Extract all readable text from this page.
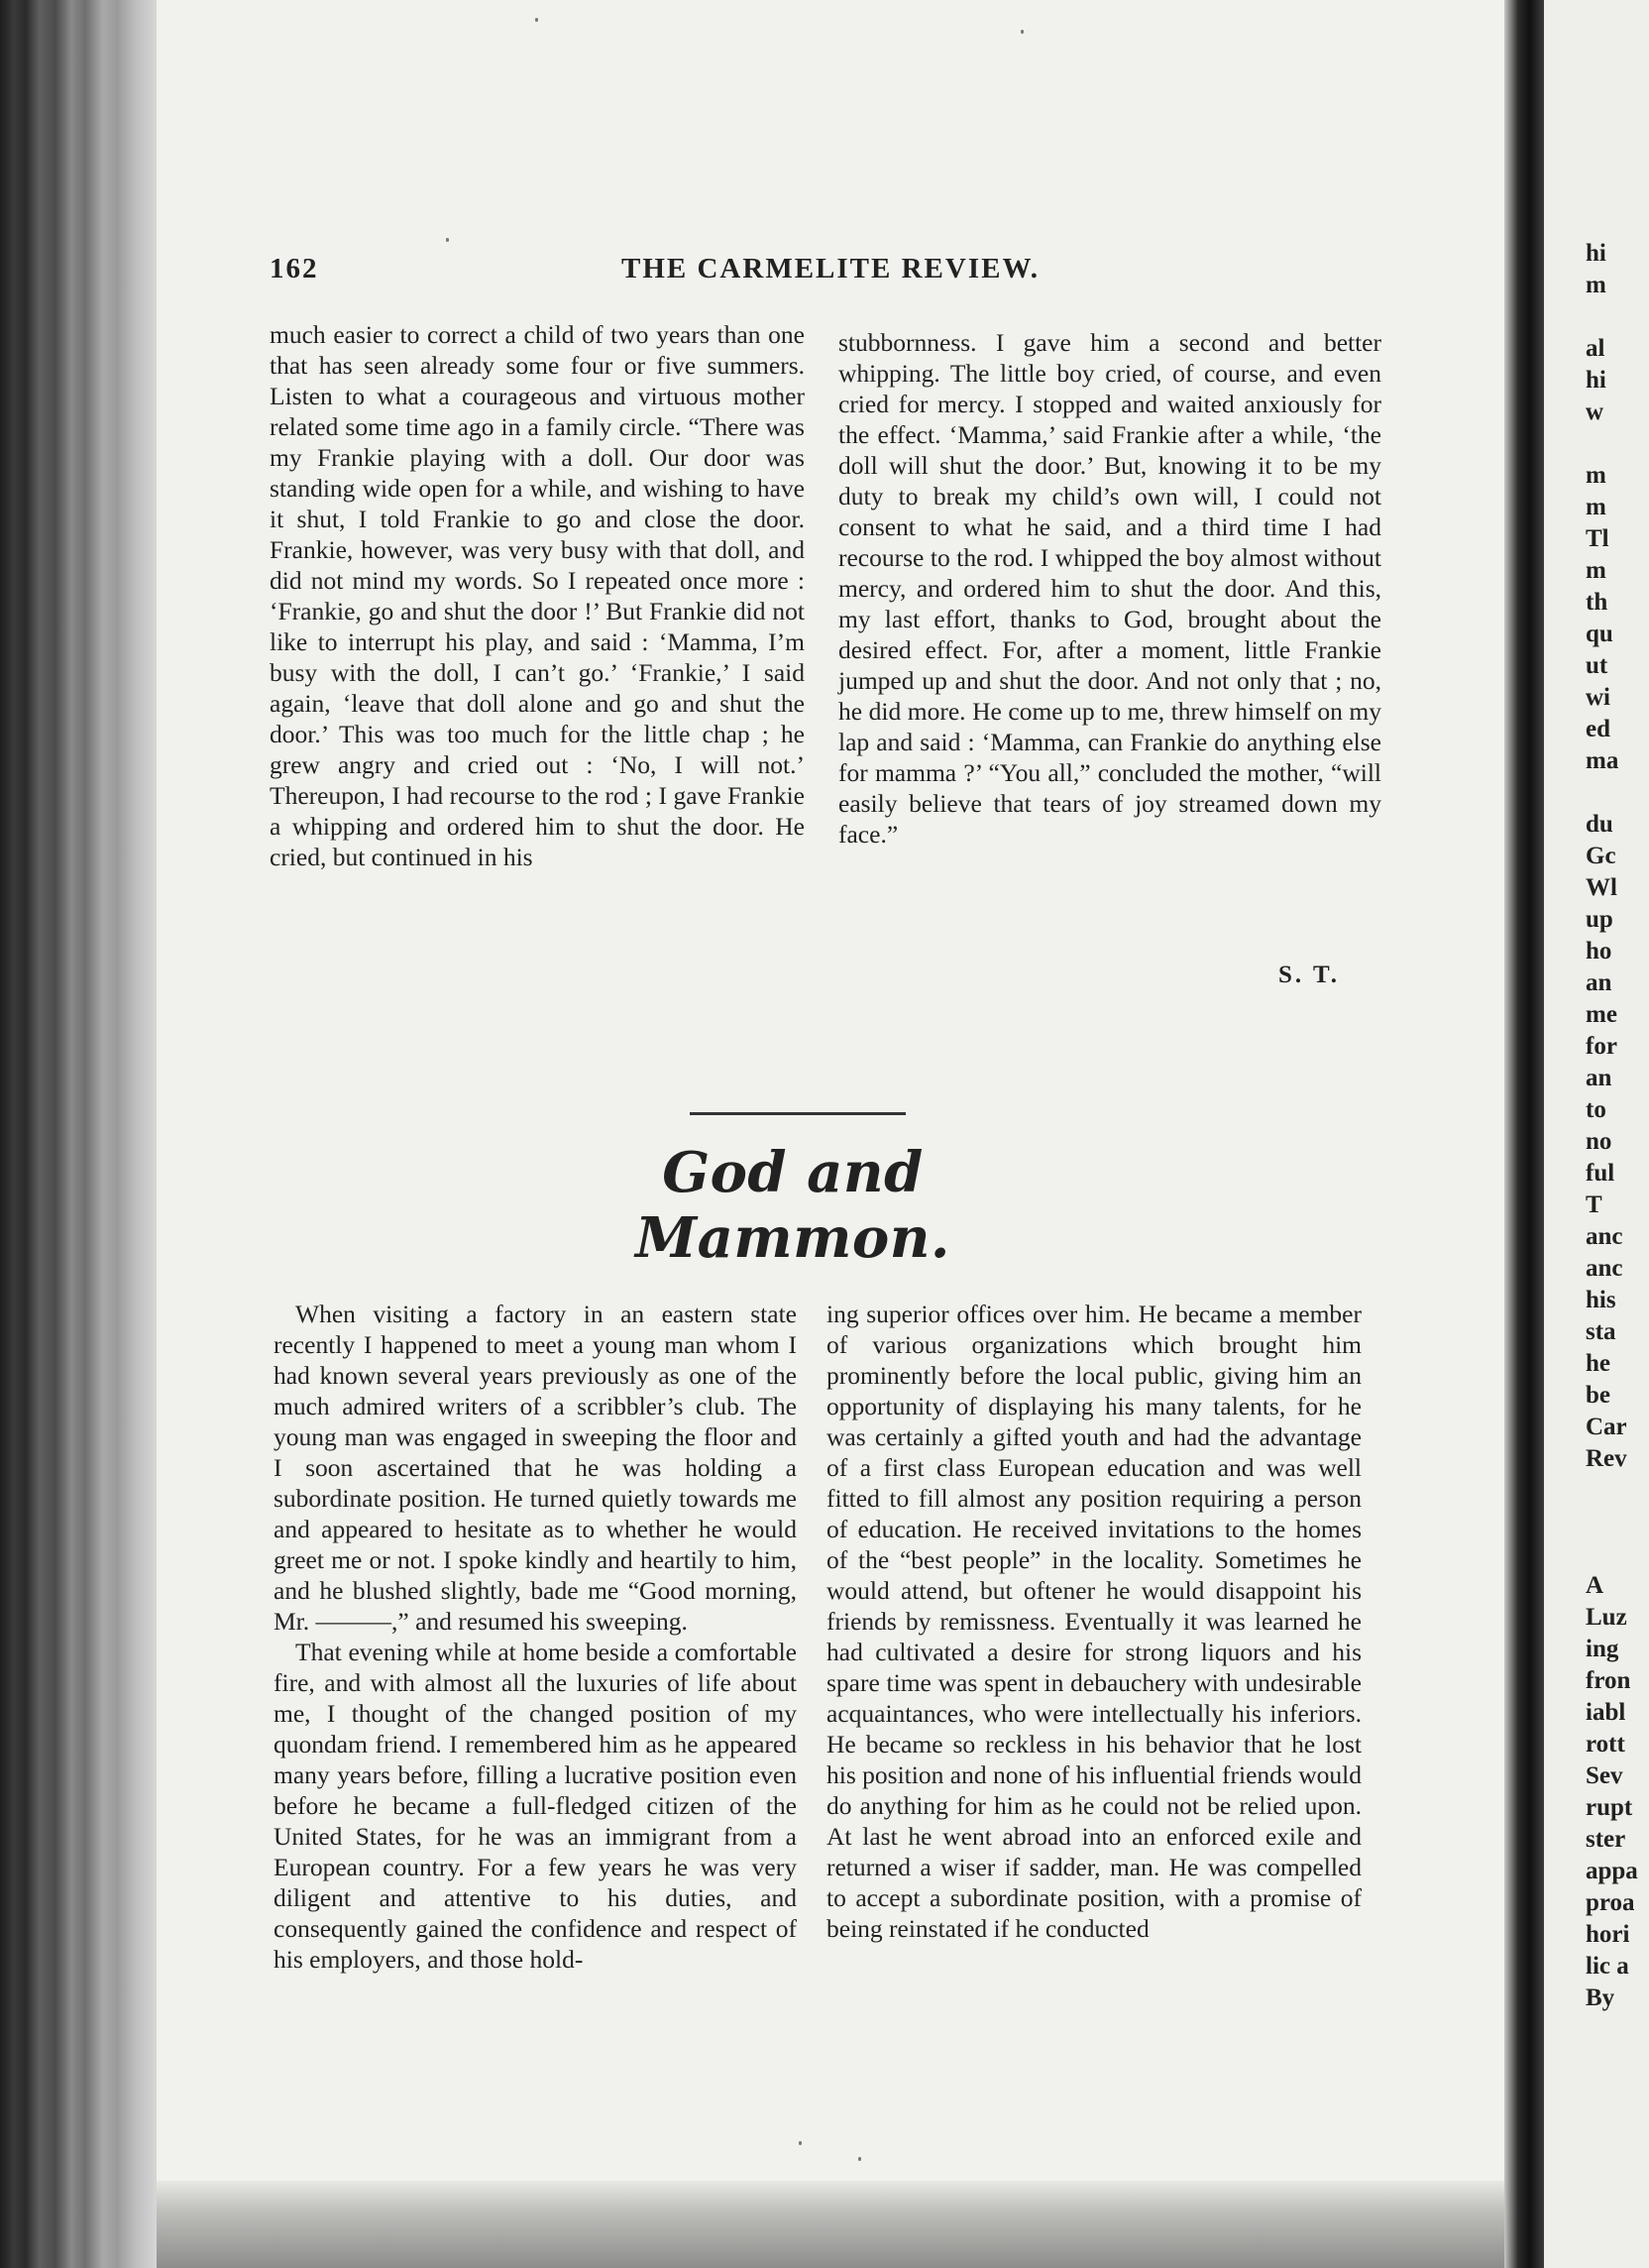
162	THE CARMELITE REVIEW.

much easier to correct a child of two years than one that has seen already some four or five summers. Listen to what a courageous and virtuous mother related some time ago in a family circle. “There was my Frankie playing with a doll. Our door was standing wide open for a while, and wishing to have it shut, I told Frankie to go and close the door. Frankie, however, was very busy with that doll, and did not mind my words. So I repeated once more : ‘Frankie, go and shut the door !’ But Frankie did not like to interrupt his play, and said : ‘Mamma, I’m busy with the doll, I can’t go.’ ‘Frankie,’ I said again, ‘leave that doll alone and go and shut the door.’ This was too much for the little chap ; he grew angry and cried out : ‘No, I will not.’ Thereupon, I had recourse to the rod ; I gave Frankie a whipping and ordered him to shut the door. He cried, but continued in his

stubbornness. I gave him a second and better whipping. The little boy cried, of course, and even cried for mercy. I stopped and waited anxiously for the effect. ‘Mamma,’ said Frankie after a while, ‘the doll will shut the door.’ But, knowing it to be my duty to break my child’s own will, I could not consent to what he said, and a third time I had recourse to the rod. I whipped the boy almost without mercy, and ordered him to shut the door. And this, my last effort, thanks to God, brought about the desired effect. For, after a moment, little Frankie jumped up and shut the door. And not only that ; no, he did more. He come up to me, threw himself on my lap and said : ‘Mamma, can Frankie do anything else for mamma ?’ “You all,” concluded the mother, “will easily believe that tears of joy streamed down my face.”

S. T.
God and Mammon.

When visiting a factory in an eastern state recently I happened to meet a young man whom I had known several years previously as one of the much admired writers of a scribbler’s club. The young man was engaged in sweeping the floor and I soon ascertained that he was holding a subordinate position. He turned quietly towards me and appeared to hesitate as to whether he would greet me or not. I spoke kindly and heartily to him, and he blushed slightly, bade me “Good morning, Mr. ———,” and resumed his sweeping.

That evening while at home beside a comfortable fire, and with almost all the luxuries of life about me, I thought of the changed position of my quondam friend. I remembered him as he appeared many years before, filling a lucrative position even before he became a full-fledged citizen of the United States, for he was an immigrant from a European country. For a few years he was very diligent and attentive to his duties, and consequently gained the confidence and respect of his employers, and those hold-

ing superior offices over him. He became a member of various organizations which brought him prominently before the local public, giving him an opportunity of displaying his many talents, for he was certainly a gifted youth and had the advantage of a first class European education and was well fitted to fill almost any position requiring a person of education. He received invitations to the homes of the “best people” in the locality. Sometimes he would attend, but oftener he would disappoint his friends by remissness. Eventually it was learned he had cultivated a desire for strong liquors and his spare time was spent in debauchery with undesirable acquaintances, who were intellectually his inferiors. He became so reckless in his behavior that he lost his position and none of his influential friends would do anything for him as he could not be relied upon. At last he went abroad into an enforced exile and returned a wiser if sadder, man. He was compelled to accept a subordinate position, with a promise of being reinstated if he conducted

hi
m
al
hi
w
m
m
Tl
m
th
qu
ut
wi
ed
ma
du
Gc
Wl
up
ho
an
me
for
an
to
no
ful
T
anc
anc
his
sta
he
be
Car
Rev
A
Luz
ing
fron
iabl
rott
Sev
rupt
ster
appa
proa
hori
lic a
By
